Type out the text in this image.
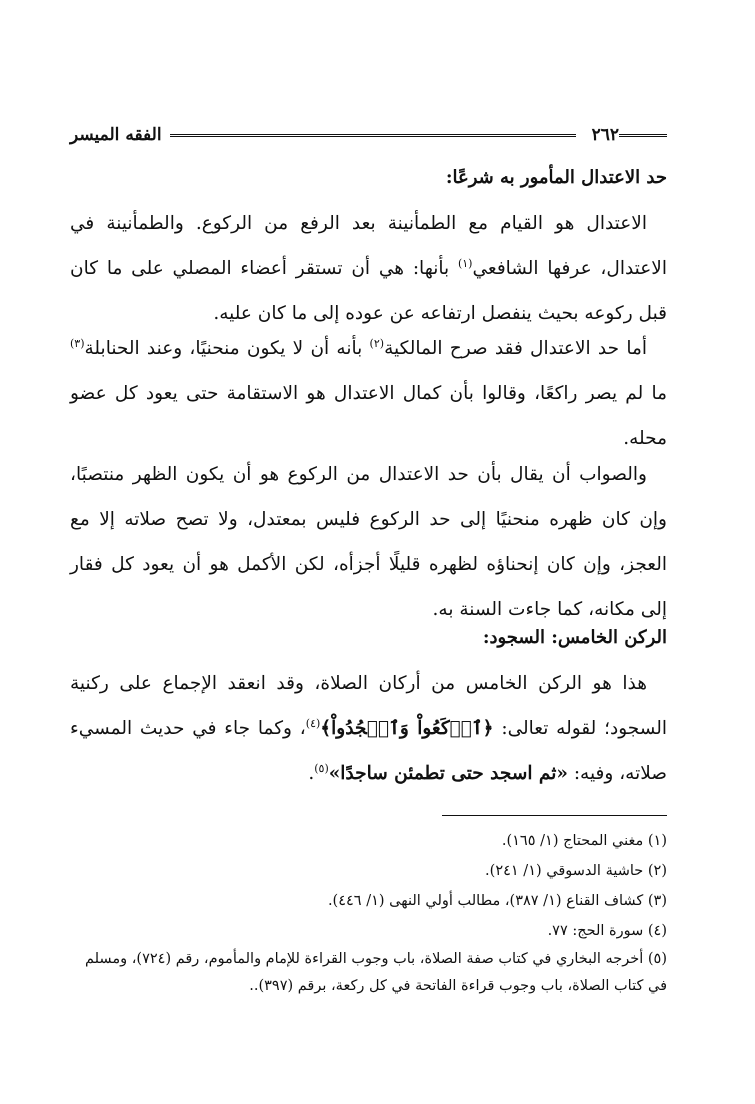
٢٦٢
الفقه الميسر
حد الاعتدال المأمور به شرعًا:

الاعتدال هو القيام مع الطمأنينة بعد الرفع من الركوع. والطمأنينة في الاعتدال، عرفها الشافعي$^{(١)}$ بأنها: هي أن تستقر أعضاء المصلي على ما كان قبل ركوعه بحيث ينفصل ارتفاعه عن عوده إلى ما كان عليه.

أما حد الاعتدال فقد صرح المالكية$^{(٢)}$ بأنه أن لا يكون منحنيًا، وعند الحنابلة$^{(٣)}$ ما لم يصر راكعًا، وقالوا بأن كمال الاعتدال هو الاستقامة حتى يعود كل عضو محله.

والصواب أن يقال بأن حد الاعتدال من الركوع هو أن يكون الظهر منتصبًا، وإن كان ظهره منحنيًا إلى حد الركوع فليس بمعتدل، ولا تصح صلاته إلا مع العجز، وإن كان إنحناؤه لظهره قليلًا أجزأه، لكن الأكمل هو أن يعود كل فقار إلى مكانه، كما جاءت السنة به.

الركن الخامس: السجود:

هذا هو الركن الخامس من أركان الصلاة، وقد انعقد الإجماع على ركنية السجود؛ لقوله تعالى: ﴿ٱرۡكَعُواْ وَٱسۡجُدُواْ﴾$^{(٤)}$، وكما جاء في حديث المسيء صلاته، وفيه: «ثم اسجد حتى تطمئن ساجدًا»$^{(٥)}$.

(١) مغني المحتاج (١/ ١٦٥).
(٢) حاشية الدسوقي (١/ ٢٤١).
(٣) كشاف القناع (١/ ٣٨٧)، مطالب أولي النهى (١/ ٤٤٦).
(٤) سورة الحج: ٧٧.
(٥) أخرجه البخاري في كتاب صفة الصلاة، باب وجوب القراءة للإمام والمأموم، رقم (٧٢٤)، ومسلم في كتاب الصلاة، باب وجوب قراءة الفاتحة في كل ركعة، برقم (٣٩٧)..
